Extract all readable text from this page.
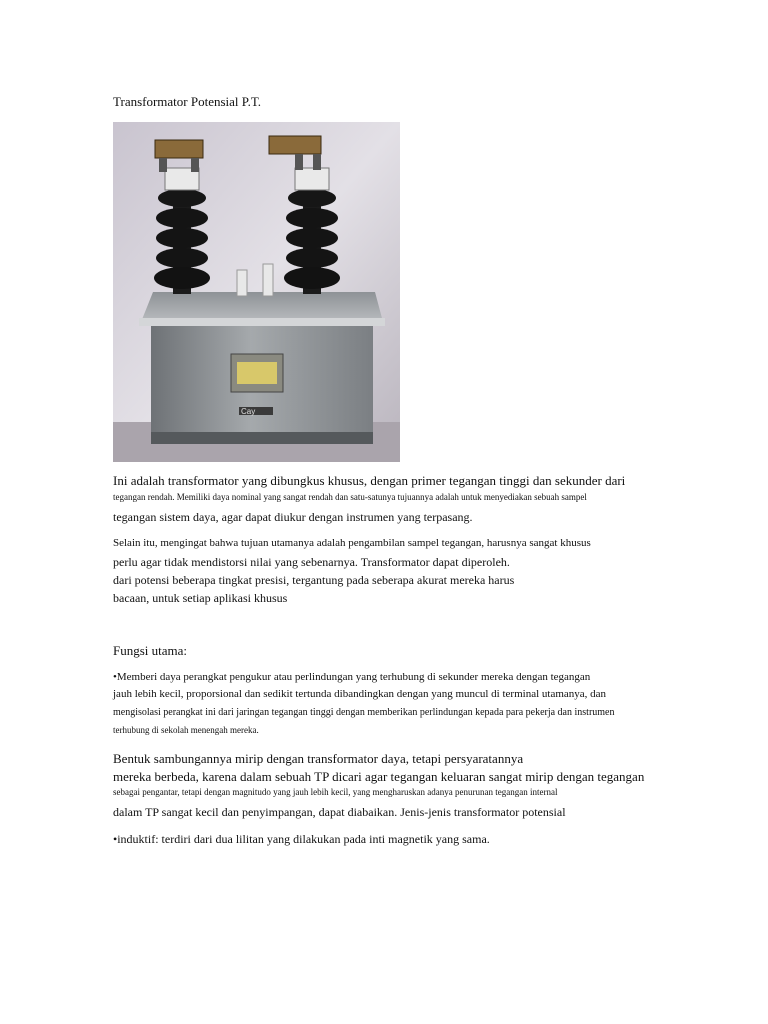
Transformator Potensial P.T.
Cay
Ini adalah transformator yang dibungkus khusus, dengan primer tegangan tinggi dan sekunder dari
tegangan rendah. Memiliki daya nominal yang sangat rendah dan satu-satunya tujuannya adalah untuk menyediakan sebuah sampel
tegangan sistem daya, agar dapat diukur dengan instrumen yang terpasang.
Selain itu, mengingat bahwa tujuan utamanya adalah pengambilan sampel tegangan, harusnya sangat khusus
perlu agar tidak mendistorsi nilai yang sebenarnya. Transformator dapat diperoleh.
dari potensi beberapa tingkat presisi, tergantung pada seberapa akurat mereka harus
bacaan, untuk setiap aplikasi khusus
Fungsi utama:
•Memberi daya perangkat pengukur atau perlindungan yang terhubung di sekunder mereka dengan tegangan
jauh lebih kecil, proporsional dan sedikit tertunda dibandingkan dengan yang muncul di terminal utamanya, dan
mengisolasi perangkat ini dari jaringan tegangan tinggi dengan memberikan perlindungan kepada para pekerja dan instrumen
terhubung di sekolah menengah mereka.
Bentuk sambungannya mirip dengan transformator daya, tetapi persyaratannya
mereka berbeda, karena dalam sebuah TP dicari agar tegangan keluaran sangat mirip dengan tegangan
sebagai pengantar, tetapi dengan magnitudo yang jauh lebih kecil, yang mengharuskan adanya penurunan tegangan internal
dalam TP sangat kecil dan penyimpangan, dapat diabaikan. Jenis-jenis transformator potensial
•induktif: terdiri dari dua lilitan yang dilakukan pada inti magnetik yang sama.
